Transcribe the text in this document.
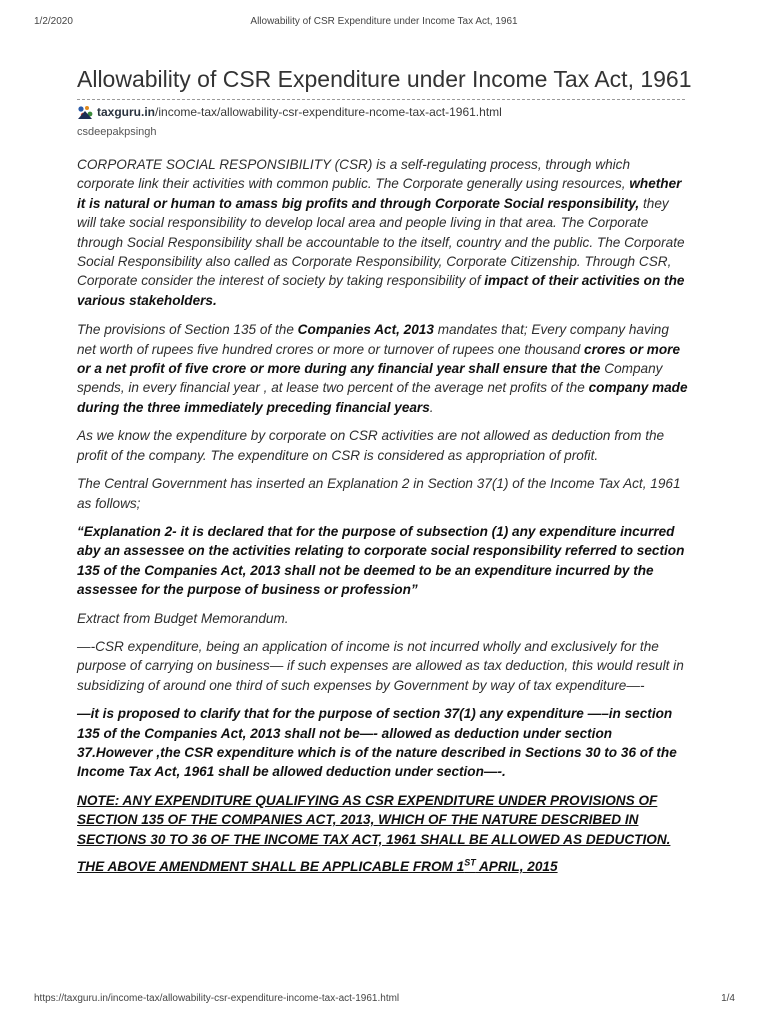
1/2/2020	Allowability of CSR Expenditure under Income Tax Act, 1961
Allowability of CSR Expenditure under Income Tax Act, 1961
taxguru.in/income-tax/allowability-csr-expenditure-ncome-tax-act-1961.html
csdeepakpsingh

CORPORATE SOCIAL RESPONSIBILITY (CSR) is a self-regulating process, through which corporate link their activities with common public. The Corporate generally using resources, whether it is natural or human to amass big profits and through Corporate Social responsibility, they will take social responsibility to develop local area and people living in that area. The Corporate through Social Responsibility shall be accountable to the itself, country and the public. The Corporate Social Responsibility also called as Corporate Responsibility, Corporate Citizenship. Through CSR, Corporate consider the interest of society by taking responsibility of impact of their activities on the various stakeholders.

The provisions of Section 135 of the Companies Act, 2013 mandates that; Every company having net worth of rupees five hundred crores or more or turnover of rupees one thousand crores or more or a net profit of five crore or more during any financial year shall ensure that the Company spends, in every financial year , at lease two percent of the average net profits of the company made during the three immediately preceding financial years.

As we know the expenditure by corporate on CSR activities are not allowed as deduction from the profit of the company. The expenditure on CSR is considered as appropriation of profit.

The Central Government has inserted an Explanation 2 in Section 37(1) of the Income Tax Act, 1961 as follows;

“Explanation 2- it is declared that for the purpose of subsection (1) any expenditure incurred aby an assessee on the activities relating to corporate social responsibility referred to section 135 of the Companies Act, 2013 shall not be deemed to be an expenditure incurred by the assessee for the purpose of business or profession”

Extract from Budget Memorandum.

—-CSR expenditure, being an application of income is not incurred wholly and exclusively for the purpose of carrying on business— if such expenses are allowed as tax deduction, this would result in subsidizing of around one third of such expenses by Government by way of tax expenditure—-

—it is proposed to clarify that for the purpose of section 37(1) any expenditure —–in section 135 of the Companies Act, 2013 shall not be—- allowed as deduction under section 37.However ,the CSR expenditure which is of the nature described in Sections 30 to 36 of the Income Tax Act, 1961 shall be allowed deduction under section—-.

NOTE: ANY EXPENDITURE QUALIFYING AS CSR EXPENDITURE UNDER PROVISIONS OF SECTION 135 OF THE COMPANIES ACT, 2013, WHICH OF THE NATURE DESCRIBED IN SECTIONS 30 TO 36 OF THE INCOME TAX ACT, 1961 SHALL BE ALLOWED AS DEDUCTION.

THE ABOVE AMENDMENT SHALL BE APPLICABLE FROM 1ST APRIL, 2015

https://taxguru.in/income-tax/allowability-csr-expenditure-income-tax-act-1961.html	1/4
